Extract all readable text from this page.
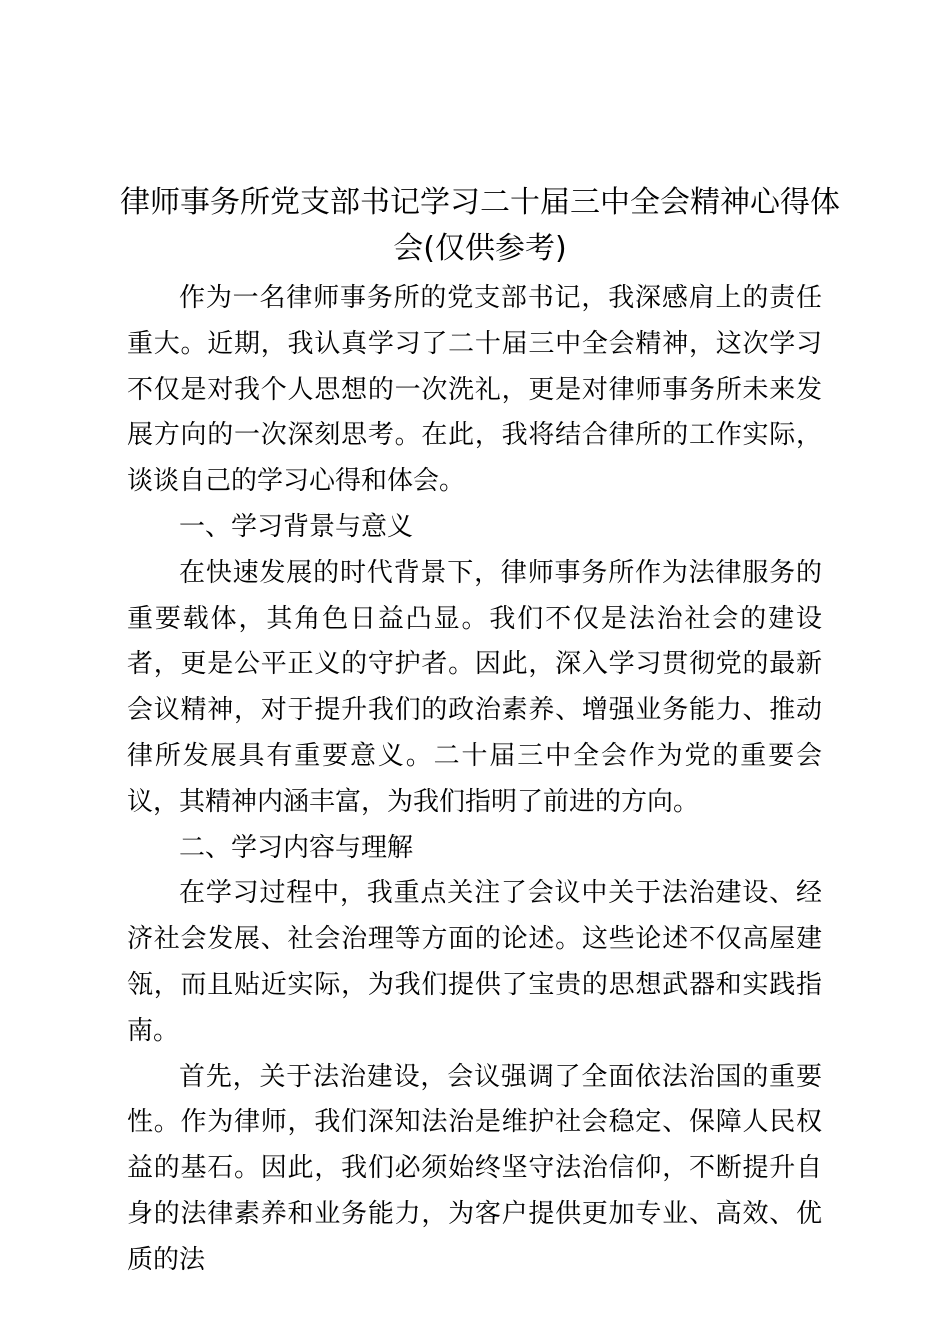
律师事务所党支部书记学习二十届三中全会精神心得体会(仅供参考)

作为一名律师事务所的党支部书记，我深感肩上的责任重大。近期，我认真学习了二十届三中全会精神，这次学习不仅是对我个人思想的一次洗礼，更是对律师事务所未来发展方向的一次深刻思考。在此，我将结合律所的工作实际，谈谈自己的学习心得和体会。

一、学习背景与意义

在快速发展的时代背景下，律师事务所作为法律服务的重要载体，其角色日益凸显。我们不仅是法治社会的建设者，更是公平正义的守护者。因此，深入学习贯彻党的最新会议精神，对于提升我们的政治素养、增强业务能力、推动律所发展具有重要意义。二十届三中全会作为党的重要会议，其精神内涵丰富，为我们指明了前进的方向。

二、学习内容与理解

在学习过程中，我重点关注了会议中关于法治建设、经济社会发展、社会治理等方面的论述。这些论述不仅高屋建瓴，而且贴近实际，为我们提供了宝贵的思想武器和实践指南。

首先，关于法治建设，会议强调了全面依法治国的重要性。作为律师，我们深知法治是维护社会稳定、保障人民权益的基石。因此，我们必须始终坚守法治信仰，不断提升自身的法律素养和业务能力，为客户提供更加专业、高效、优质的法
